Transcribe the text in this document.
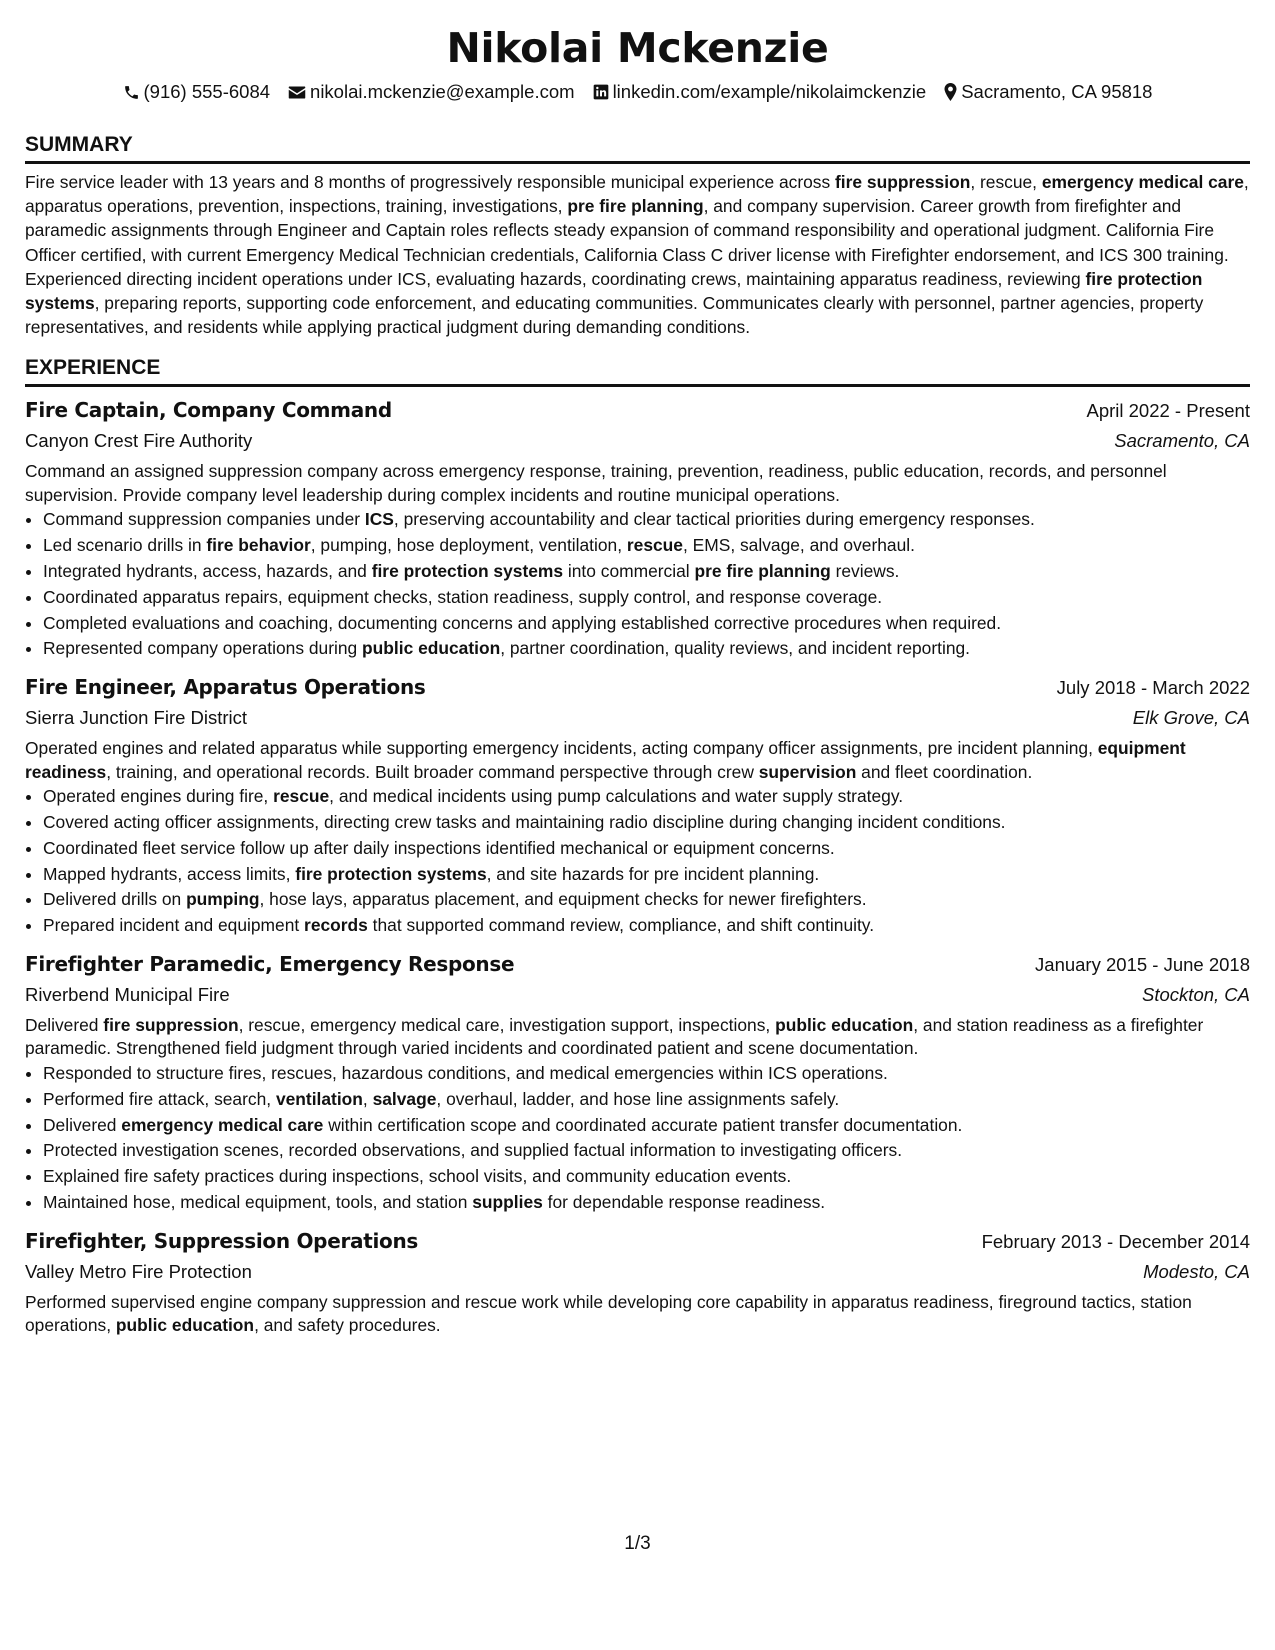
Nikolai Mckenzie
(916) 555-6084 nikolai.mckenzie@example.com linkedin.com/example/nikolaimckenzie Sacramento, CA 95818
SUMMARY

Fire service leader with 13 years and 8 months of progressively responsible municipal experience across fire suppression, rescue, emergency medical care, apparatus operations, prevention, inspections, training, investigations, pre fire planning, and company supervision. Career growth from firefighter and paramedic assignments through Engineer and Captain roles reflects steady expansion of command responsibility and operational judgment. California Fire Officer certified, with current Emergency Medical Technician credentials, California Class C driver license with Firefighter endorsement, and ICS 300 training. Experienced directing incident operations under ICS, evaluating hazards, coordinating crews, maintaining apparatus readiness, reviewing fire protection systems, preparing reports, supporting code enforcement, and educating communities. Communicates clearly with personnel, partner agencies, property representatives, and residents while applying practical judgment during demanding conditions.

EXPERIENCE
Fire Captain, Company Command	April 2022 - Present
Canyon Crest Fire Authority	Sacramento, CA

Command an assigned suppression company across emergency response, training, prevention, readiness, public education, records, and personnel supervision. Provide company level leadership during complex incidents and routine municipal operations.

• Command suppression companies under ICS, preserving accountability and clear tactical priorities during emergency responses.
• Led scenario drills in fire behavior, pumping, hose deployment, ventilation, rescue, EMS, salvage, and overhaul.
• Integrated hydrants, access, hazards, and fire protection systems into commercial pre fire planning reviews.
• Coordinated apparatus repairs, equipment checks, station readiness, supply control, and response coverage.
• Completed evaluations and coaching, documenting concerns and applying established corrective procedures when required.
• Represented company operations during public education, partner coordination, quality reviews, and incident reporting.
Fire Engineer, Apparatus Operations	July 2018 - March 2022
Sierra Junction Fire District	Elk Grove, CA

Operated engines and related apparatus while supporting emergency incidents, acting company officer assignments, pre incident planning, equipment readiness, training, and operational records. Built broader command perspective through crew supervision and fleet coordination.

• Operated engines during fire, rescue, and medical incidents using pump calculations and water supply strategy.
• Covered acting officer assignments, directing crew tasks and maintaining radio discipline during changing incident conditions.
• Coordinated fleet service follow up after daily inspections identified mechanical or equipment concerns.
• Mapped hydrants, access limits, fire protection systems, and site hazards for pre incident planning.
• Delivered drills on pumping, hose lays, apparatus placement, and equipment checks for newer firefighters.
• Prepared incident and equipment records that supported command review, compliance, and shift continuity.
Firefighter Paramedic, Emergency Response	January 2015 - June 2018
Riverbend Municipal Fire	Stockton, CA

Delivered fire suppression, rescue, emergency medical care, investigation support, inspections, public education, and station readiness as a firefighter paramedic. Strengthened field judgment through varied incidents and coordinated patient and scene documentation.

• Responded to structure fires, rescues, hazardous conditions, and medical emergencies within ICS operations.
• Performed fire attack, search, ventilation, salvage, overhaul, ladder, and hose line assignments safely.
• Delivered emergency medical care within certification scope and coordinated accurate patient transfer documentation.
• Protected investigation scenes, recorded observations, and supplied factual information to investigating officers.
• Explained fire safety practices during inspections, school visits, and community education events.
• Maintained hose, medical equipment, tools, and station supplies for dependable response readiness.
Firefighter, Suppression Operations	February 2013 - December 2014
Valley Metro Fire Protection	Modesto, CA

Performed supervised engine company suppression and rescue work while developing core capability in apparatus readiness, fireground tactics, station operations, public education, and safety procedures.

1/3
